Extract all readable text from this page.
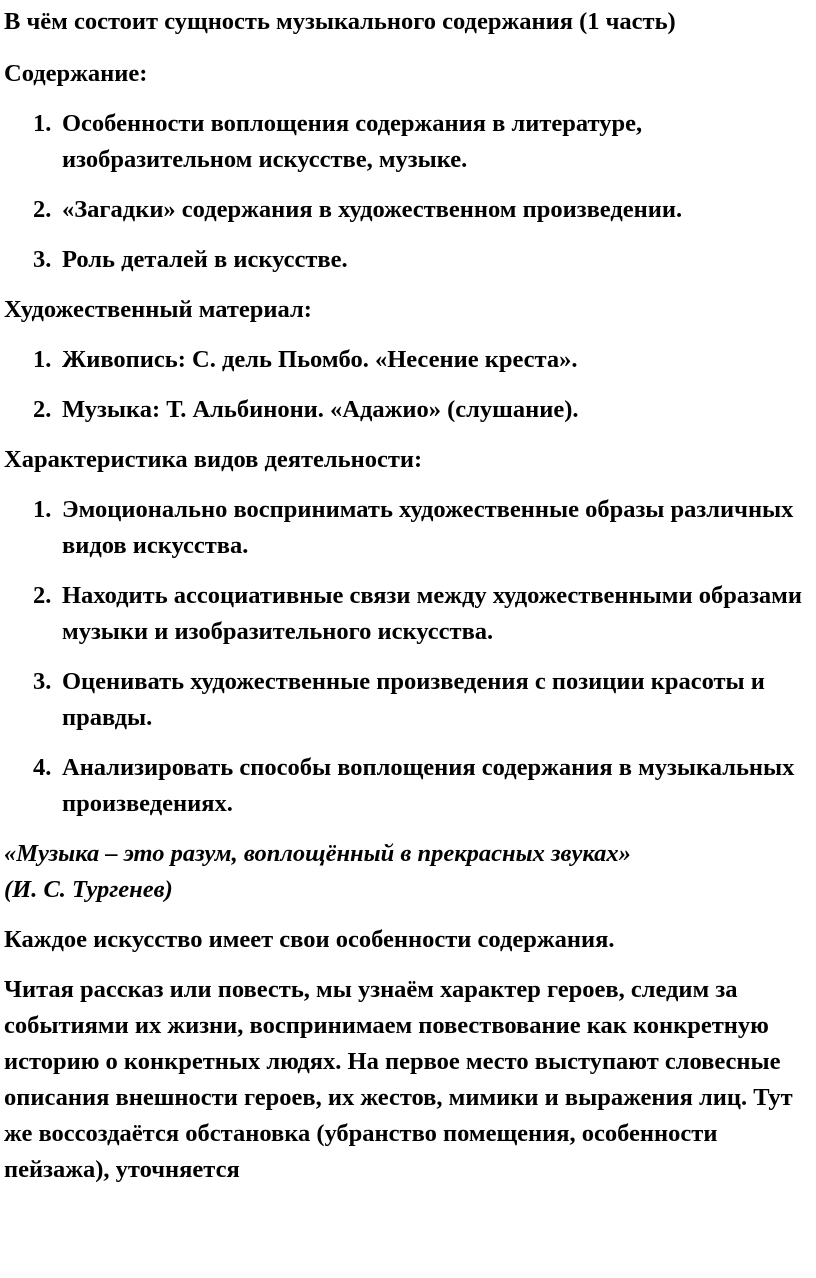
В чём состоит сущность музыкального содержания (1 часть)

Содержание:

1. Особенности воплощения содержания в литературе, изобразительном искусстве, музыке.
2. «Загадки» содержания в художественном произведении.
3. Роль деталей в искусстве.

Художественный материал:

1. Живопись: С. дель Пьомбо. «Несение креста».
2. Музыка: Т. Альбинони. «Адажио» (слушание).

Характеристика видов деятельности:

1. Эмоционально воспринимать художественные образы различных видов искусства.
2. Находить ассоциативные связи между художественными образами музыки и изобразительного искусства.
3. Оценивать художественные произведения с позиции красоты и правды.
4. Анализировать способы воплощения содержания в музыкальных произведениях.

«Музыка – это разум, воплощённый в прекрасных звуках»
(И. С. Тургенев)

Каждое искусство имеет свои особенности содержания.

Читая рассказ или повесть, мы узнаём характер героев, следим за событиями их жизни, воспринимаем повествование как конкретную историю о конкретных людях. На первое место выступают словесные описания внешности героев, их жестов, мимики и выражения лиц. Тут же воссоздаётся обстановка (убранство помещения, особенности пейзажа), уточняется
